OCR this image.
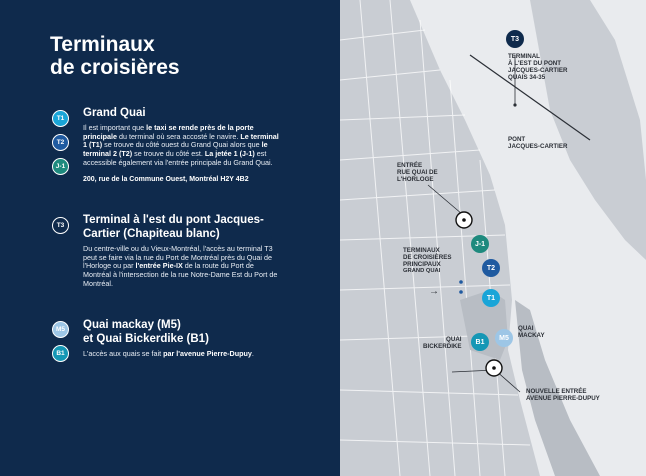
Terminaux
de croisières
T1
T2
J-1

Grand Quai

Il est important que le taxi se rende près de la porte principale du terminal où sera accosté le navire. Le terminal 1 (T1) se trouve du côté ouest du Grand Quai alors que le terminal 2 (T2) se trouve du côté est. La jetée 1 (J-1) est accessible également via l'entrée principale du Grand Quai.
200, rue de la Commune Ouest, Montréal H2Y 4B2
T3	Terminal à l'est du pont Jacques-
Cartier (Chapiteau blanc)

Du centre-ville ou du Vieux-Montréal, l'accès au terminal T3 peut se faire via la rue du Port de Montréal près du Quai de l'Horloge ou par l'entrée Pie-IX de la route du Port de Montréal à l'intersection de la rue Notre-Dame Est du Port de Montréal.
M5
B1

Quai mackay (M5)
et Quai Bickerdike (B1)

L'accès aux quais se fait par l'avenue Pierre-Dupuy.
T3
J-1
T2
T1
B1
M5
→
TERMINAL
À L'EST DU PONT
JACQUES-CARTIER
QUAIS 34-35
PONT
JACQUES-CARTIER
ENTRÉE
RUE QUAI DE
L'HORLOGE
TERMINAUX
DE CROISIÈRES
PRINCIPAUX
GRAND QUAI
QUAI
MACKAY
QUAI
BICKERDIKE
NOUVELLE ENTRÉE
AVENUE PIERRE-DUPUY
